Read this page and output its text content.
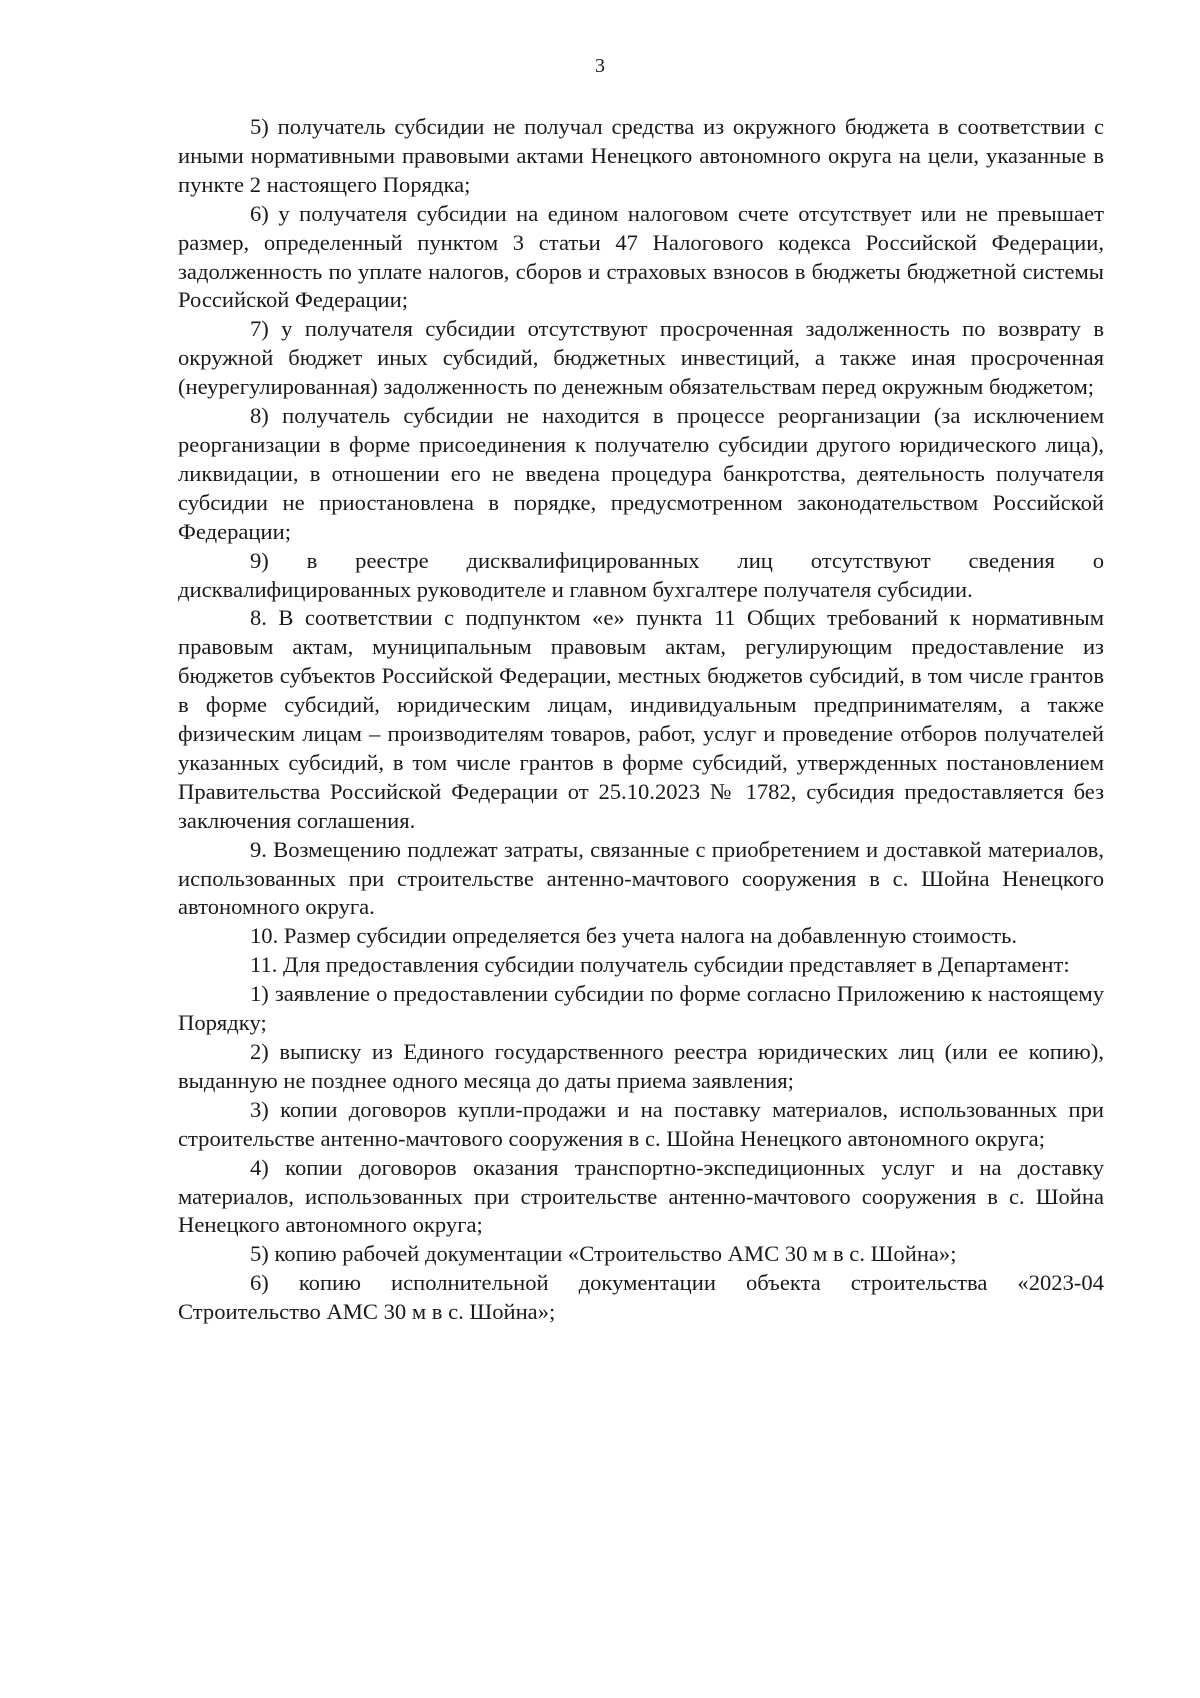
3

5) получатель субсидии не получал средства из окружного бюджета в соответствии с иными нормативными правовыми актами Ненецкого автономного округа на цели, указанные в пункте 2 настоящего Порядка;

6) у получателя субсидии на едином налоговом счете отсутствует или не превышает размер, определенный пунктом 3 статьи 47 Налогового кодекса Российской Федерации, задолженность по уплате налогов, сборов и страховых взносов в бюджеты бюджетной системы Российской Федерации;

7) у получателя субсидии отсутствуют просроченная задолженность по возврату в окружной бюджет иных субсидий, бюджетных инвестиций, а также иная просроченная (неурегулированная) задолженность по денежным обязательствам перед окружным бюджетом;

8) получатель субсидии не находится в процессе реорганизации (за исключением реорганизации в форме присоединения к получателю субсидии другого юридического лица), ликвидации, в отношении его не введена процедура банкротства, деятельность получателя субсидии не приостановлена в порядке, предусмотренном законодательством Российской Федерации;

9) в реестре дисквалифицированных лиц отсутствуют сведения о дисквалифицированных руководителе и главном бухгалтере получателя субсидии.

8. В соответствии с подпунктом «е» пункта 11 Общих требований к нормативным правовым актам, муниципальным правовым актам, регулирующим предоставление из бюджетов субъектов Российской Федерации, местных бюджетов субсидий, в том числе грантов в форме субсидий, юридическим лицам, индивидуальным предпринимателям, а также физическим лицам – производителям товаров, работ, услуг и проведение отборов получателей указанных субсидий, в том числе грантов в форме субсидий, утвержденных постановлением Правительства Российской Федерации от 25.10.2023 № 1782, субсидия предоставляется без заключения соглашения.

9. Возмещению подлежат затраты, связанные с приобретением и доставкой материалов, использованных при строительстве антенно-мачтового сооружения в с. Шойна Ненецкого автономного округа.

10. Размер субсидии определяется без учета налога на добавленную стоимость.

11. Для предоставления субсидии получатель субсидии представляет в Департамент:

1) заявление о предоставлении субсидии по форме согласно Приложению к настоящему Порядку;

2) выписку из Единого государственного реестра юридических лиц (или ее копию), выданную не позднее одного месяца до даты приема заявления;

3) копии договоров купли-продажи и на поставку материалов, использованных при строительстве антенно-мачтового сооружения в с. Шойна Ненецкого автономного округа;

4) копии договоров оказания транспортно-экспедиционных услуг и на доставку материалов, использованных при строительстве антенно-мачтового сооружения в с. Шойна Ненецкого автономного округа;

5) копию рабочей документации «Строительство АМС 30 м в с. Шойна»;

6) копию исполнительной документации объекта строительства «2023-04 Строительство АМС 30 м в с. Шойна»;
